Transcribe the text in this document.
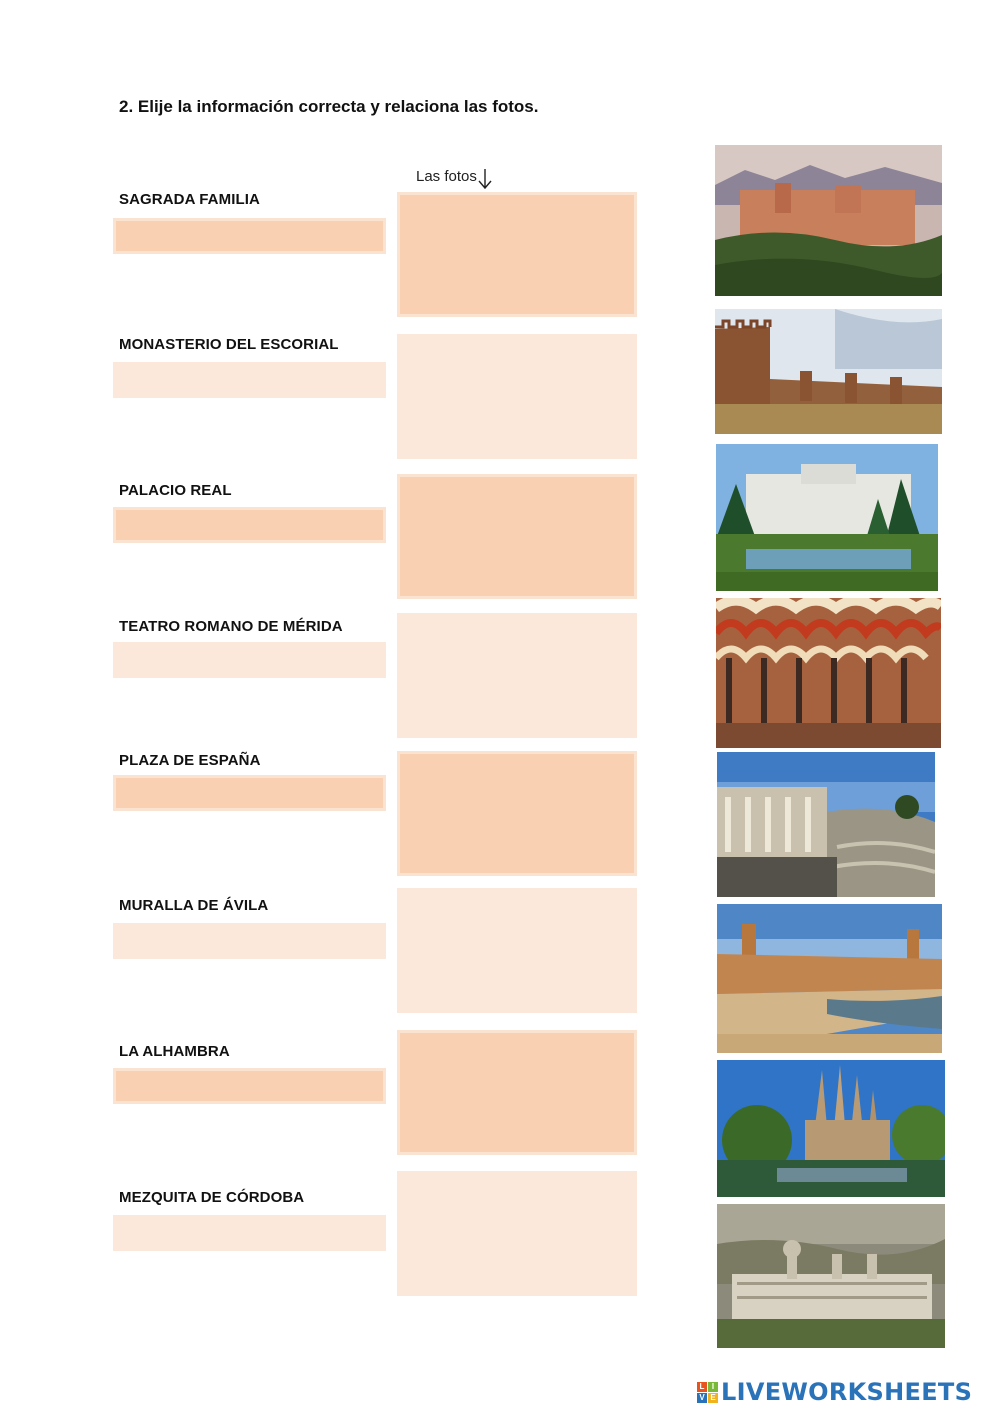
2. Elije la información correcta y relaciona las fotos.
Las fotos
SAGRADA FAMILIA
MONASTERIO DEL ESCORIAL
PALACIO REAL
TEATRO ROMANO DE MÉRIDA
PLAZA DE ESPAÑA
MURALLA DE ÁVILA
LA ALHAMBRA
MEZQUITA DE CÓRDOBA
L I
V E LIVEWORKSHEETS
